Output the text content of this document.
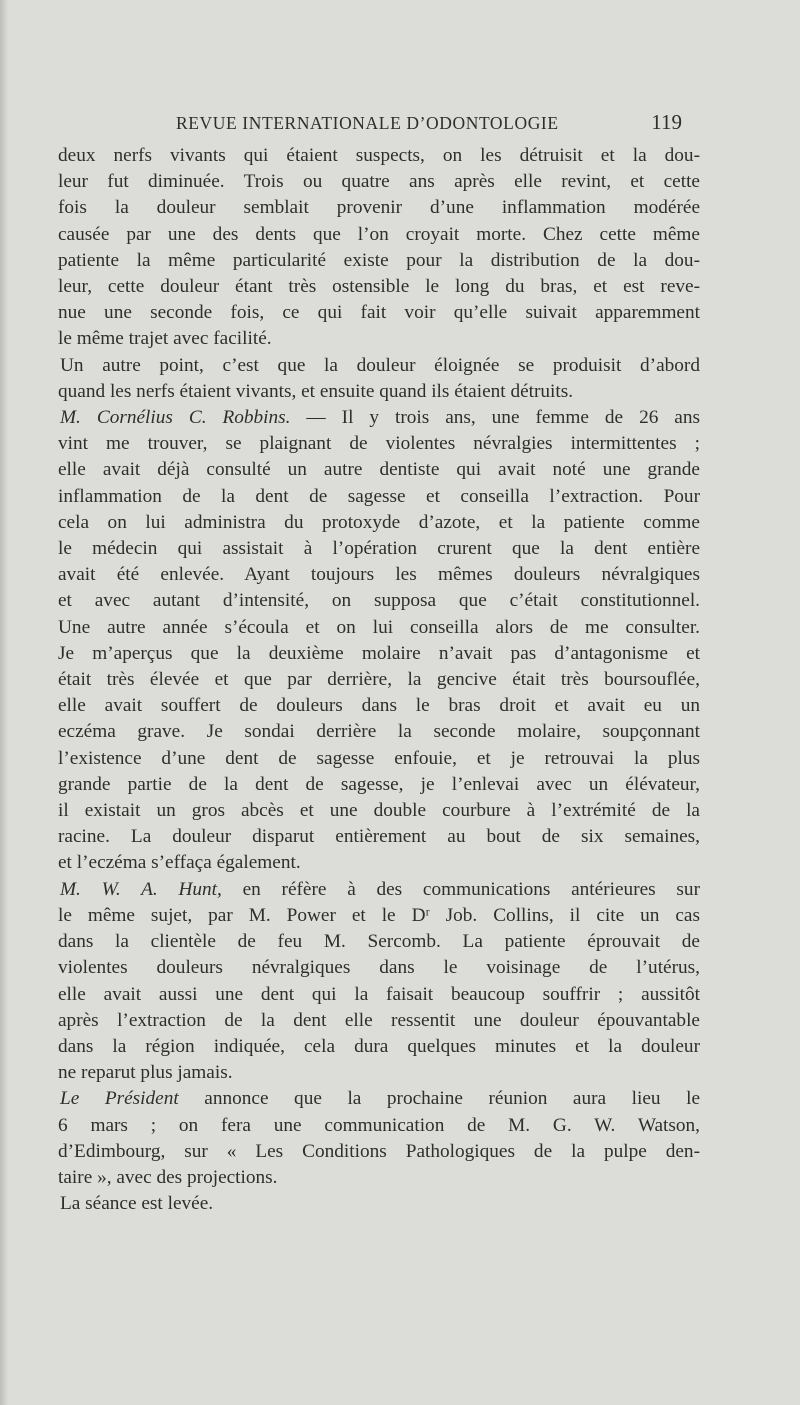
REVUE INTERNATIONALE D’ODONTOLOGIE	119

deux nerfs vivants qui étaient suspects, on les détruisit et la dou-

leur fut diminuée. Trois ou quatre ans après elle revint, et cette

fois la douleur semblait provenir d’une inflammation modérée

causée par une des dents que l’on croyait morte. Chez cette même

patiente la même particularité existe pour la distribution de la dou-

leur, cette douleur étant très ostensible le long du bras, et est reve-

nue une seconde fois, ce qui fait voir qu’elle suivait apparemment

le même trajet avec facilité.

Un autre point, c’est que la douleur éloignée se produisit d’abord

quand les nerfs étaient vivants, et ensuite quand ils étaient détruits.

M. Cornélius C. Robbins. — Il y trois ans, une femme de 26 ans

vint me trouver, se plaignant de violentes névralgies intermittentes ;

elle avait déjà consulté un autre dentiste qui avait noté une grande

inflammation de la dent de sagesse et conseilla l’extraction. Pour

cela on lui administra du protoxyde d’azote, et la patiente comme

le médecin qui assistait à l’opération crurent que la dent entière

avait été enlevée. Ayant toujours les mêmes douleurs névralgiques

et avec autant d’intensité, on supposa que c’était constitutionnel.

Une autre année s’écoula et on lui conseilla alors de me consulter.

Je m’aperçus que la deuxième molaire n’avait pas d’antagonisme et

était très élevée et que par derrière, la gencive était très boursouflée,

elle avait souffert de douleurs dans le bras droit et avait eu un

eczéma grave. Je sondai derrière la seconde molaire, soupçonnant

l’existence d’une dent de sagesse enfouie, et je retrouvai la plus

grande partie de la dent de sagesse, je l’enlevai avec un élévateur,

il existait un gros abcès et une double courbure à l’extrémité de la

racine. La douleur disparut entièrement au bout de six semaines,

et l’eczéma s’effaça également.

M. W. A. Hunt, en réfère à des communications antérieures sur

le même sujet, par M. Power et le Dʳ Job. Collins, il cite un cas

dans la clientèle de feu M. Sercomb. La patiente éprouvait de

violentes douleurs névralgiques dans le voisinage de l’utérus,

elle avait aussi une dent qui la faisait beaucoup souffrir ; aussitôt

après l’extraction de la dent elle ressentit une douleur épouvantable

dans la région indiquée, cela dura quelques minutes et la douleur

ne reparut plus jamais.

Le Président annonce que la prochaine réunion aura lieu le

6 mars ; on fera une communication de M. G. W. Watson,

d’Edimbourg, sur « Les Conditions Pathologiques de la pulpe den-

taire », avec des projections.

La séance est levée.
